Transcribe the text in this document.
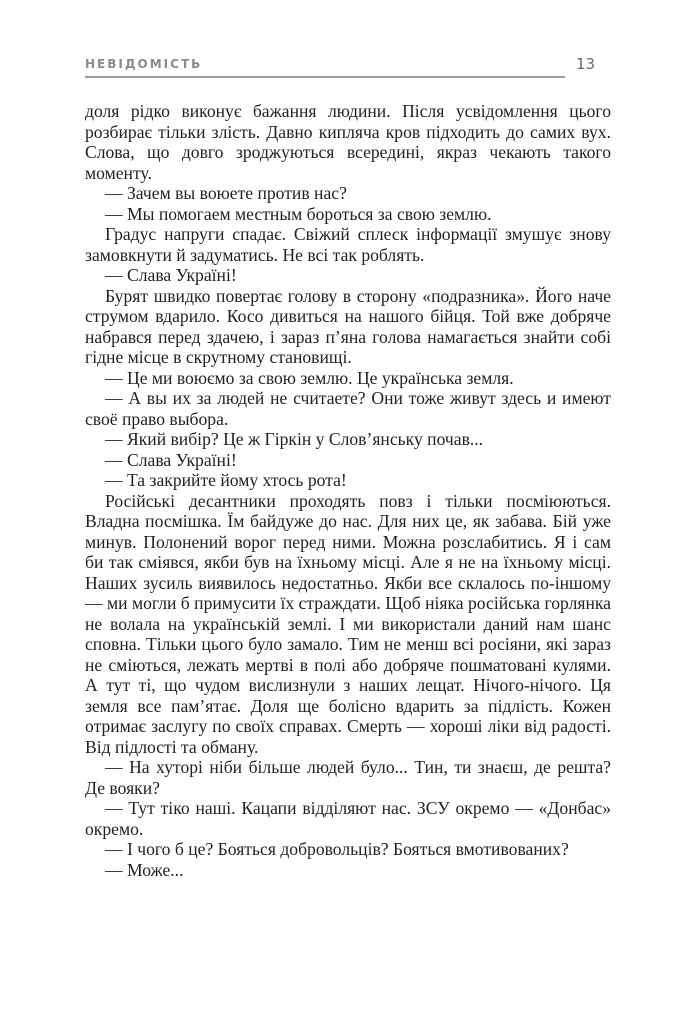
НЕВІДОМІСТЬ	13

доля рідко виконує бажання людини. Після усвідомлення цього розбирає тільки злість. Давно кипляча кров підходить до самих вух. Слова, що довго зроджуються всередині, якраз чекають такого моменту.

— Зачем вы воюете против нас?

— Мы помогаем местным бороться за свою землю.

Градус напруги спадає. Свіжий сплеск інформації змушує знову замовкнути й задуматись. Не всі так роблять.

— Слава Україні!

Бурят швидко повертає голову в сторону «подразника». Його наче струмом вдарило. Косо дивиться на нашого бійця. Той вже добряче набрався перед здачею, і зараз п’яна голова намагається знайти собі гідне місце в скрутному становищі.

— Це ми воюємо за свою землю. Це українська земля.

— А вы их за людей не считаете? Они тоже живут здесь и имеют своё право выбора.

— Який вибір? Це ж Гіркін у Слов’янську почав...

— Слава Україні!

— Та закрийте йому хтось рота!

Російські десантники проходять повз і тільки посміюються. Владна посмішка. Їм байдуже до нас. Для них це, як забава. Бій уже минув. Полонений ворог перед ними. Можна розслабитись. Я і сам би так сміявся, якби був на їхньому місці. Але я не на їхньому місці. Наших зусиль виявилось недостатньо. Якби все склалось по-іншому — ми могли б примусити їх страждати. Щоб ніяка російська горлянка не волала на українській землі. І ми використали даний нам шанс сповна. Тільки цього було замало. Тим не менш всі росіяни, які зараз не сміються, лежать мертві в полі або добряче пошматовані кулями. А тут ті, що чудом вислизнули з наших лещат. Нічого-нічого. Ця земля все пам’ятає. Доля ще болісно вдарить за підлість. Кожен отримає заслугу по своїх справах. Смерть — хороші ліки від радості. Від підлості та обману.

— На хуторі ніби більше людей було... Тин, ти знаєш, де решта? Де вояки?

— Тут тіко наші. Кацапи відділяют нас. ЗСУ окремо — «Донбас» окремо.

— І чого б це? Бояться добровольців? Бояться вмотивованих?

— Може...
